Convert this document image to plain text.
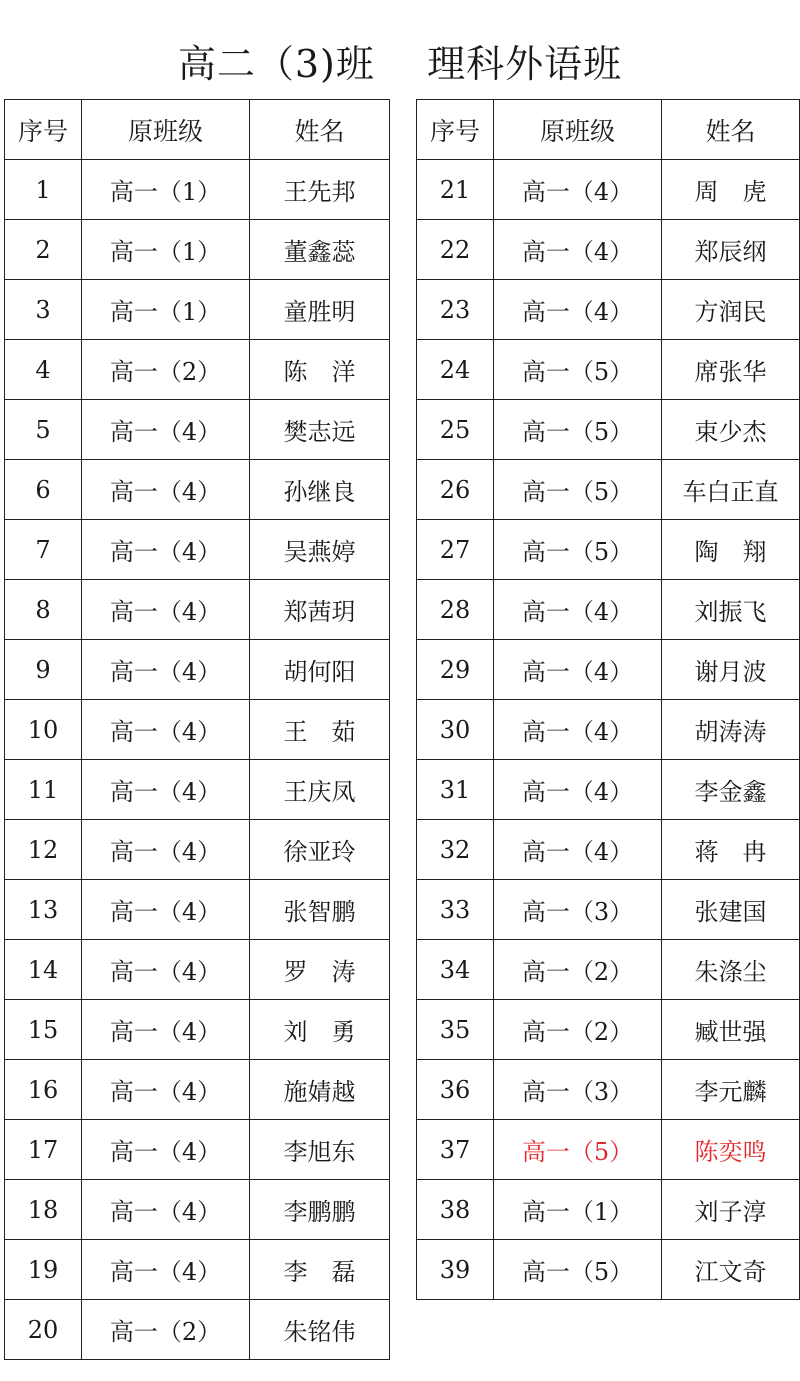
高二（3)班    理科外语班
序号	原班级	姓名
1	高一（1）	王先邦
2	高一（1）	董鑫蕊
3	高一（1）	童胜明
4	高一（2）	陈　洋
5	高一（4）	樊志远
6	高一（4）	孙继良
7	高一（4）	吴燕婷
8	高一（4）	郑茜玥
9	高一（4）	胡何阳
10	高一（4）	王　茹
11	高一（4）	王庆凤
12	高一（4）	徐亚玲
13	高一（4）	张智鹏
14	高一（4）	罗　涛
15	高一（4）	刘　勇
16	高一（4）	施婧越
17	高一（4）	李旭东
18	高一（4）	李鹏鹏
19	高一（4）	李　磊
20	高一（2）	朱铭伟
序号	原班级	姓名
21	高一（4）	周　虎
22	高一（4）	郑辰纲
23	高一（4）	方润民
24	高一（5）	席张华
25	高一（5）	束少杰
26	高一（5）	车白正直
27	高一（5）	陶　翔
28	高一（4）	刘振飞
29	高一（4）	谢月波
30	高一（4）	胡涛涛
31	高一（4）	李金鑫
32	高一（4）	蒋　冉
33	高一（3）	张建国
34	高一（2）	朱涤尘
35	高一（2）	臧世强
36	高一（3）	李元麟
37	高一（5）	陈奕鸣
38	高一（1）	刘子淳
39	高一（5）	江文奇
